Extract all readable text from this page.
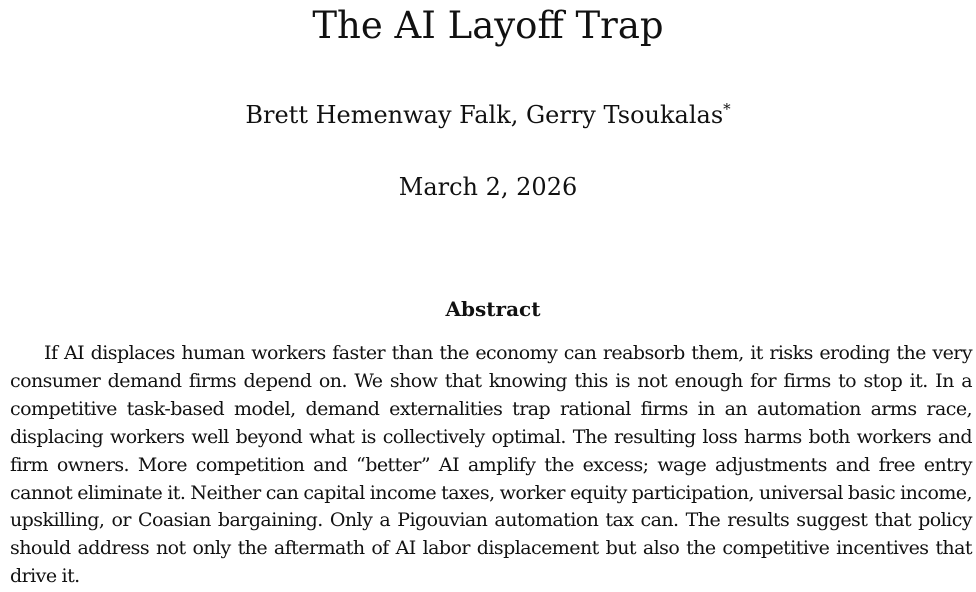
The AI Layoff Trap
Brett Hemenway Falk, Gerry Tsoukalas*
March 2, 2026
Abstract

If AI displaces human workers faster than the economy can reabsorb them, it risks eroding the very consumer demand firms depend on. We show that knowing this is not enough for firms to stop it. In a competitive task-based model, demand externalities trap rational firms in an automation arms race, displacing workers well beyond what is collectively optimal. The resulting loss harms both workers and firm owners. More competition and “better” AI amplify the excess; wage adjustments and free entry cannot eliminate it. Neither can capital income taxes, worker equity participation, universal basic income, upskilling, or Coasian bargaining. Only a Pigouvian automation tax can. The results suggest that policy should address not only the aftermath of AI labor displacement but also the competitive incentives that drive it.
